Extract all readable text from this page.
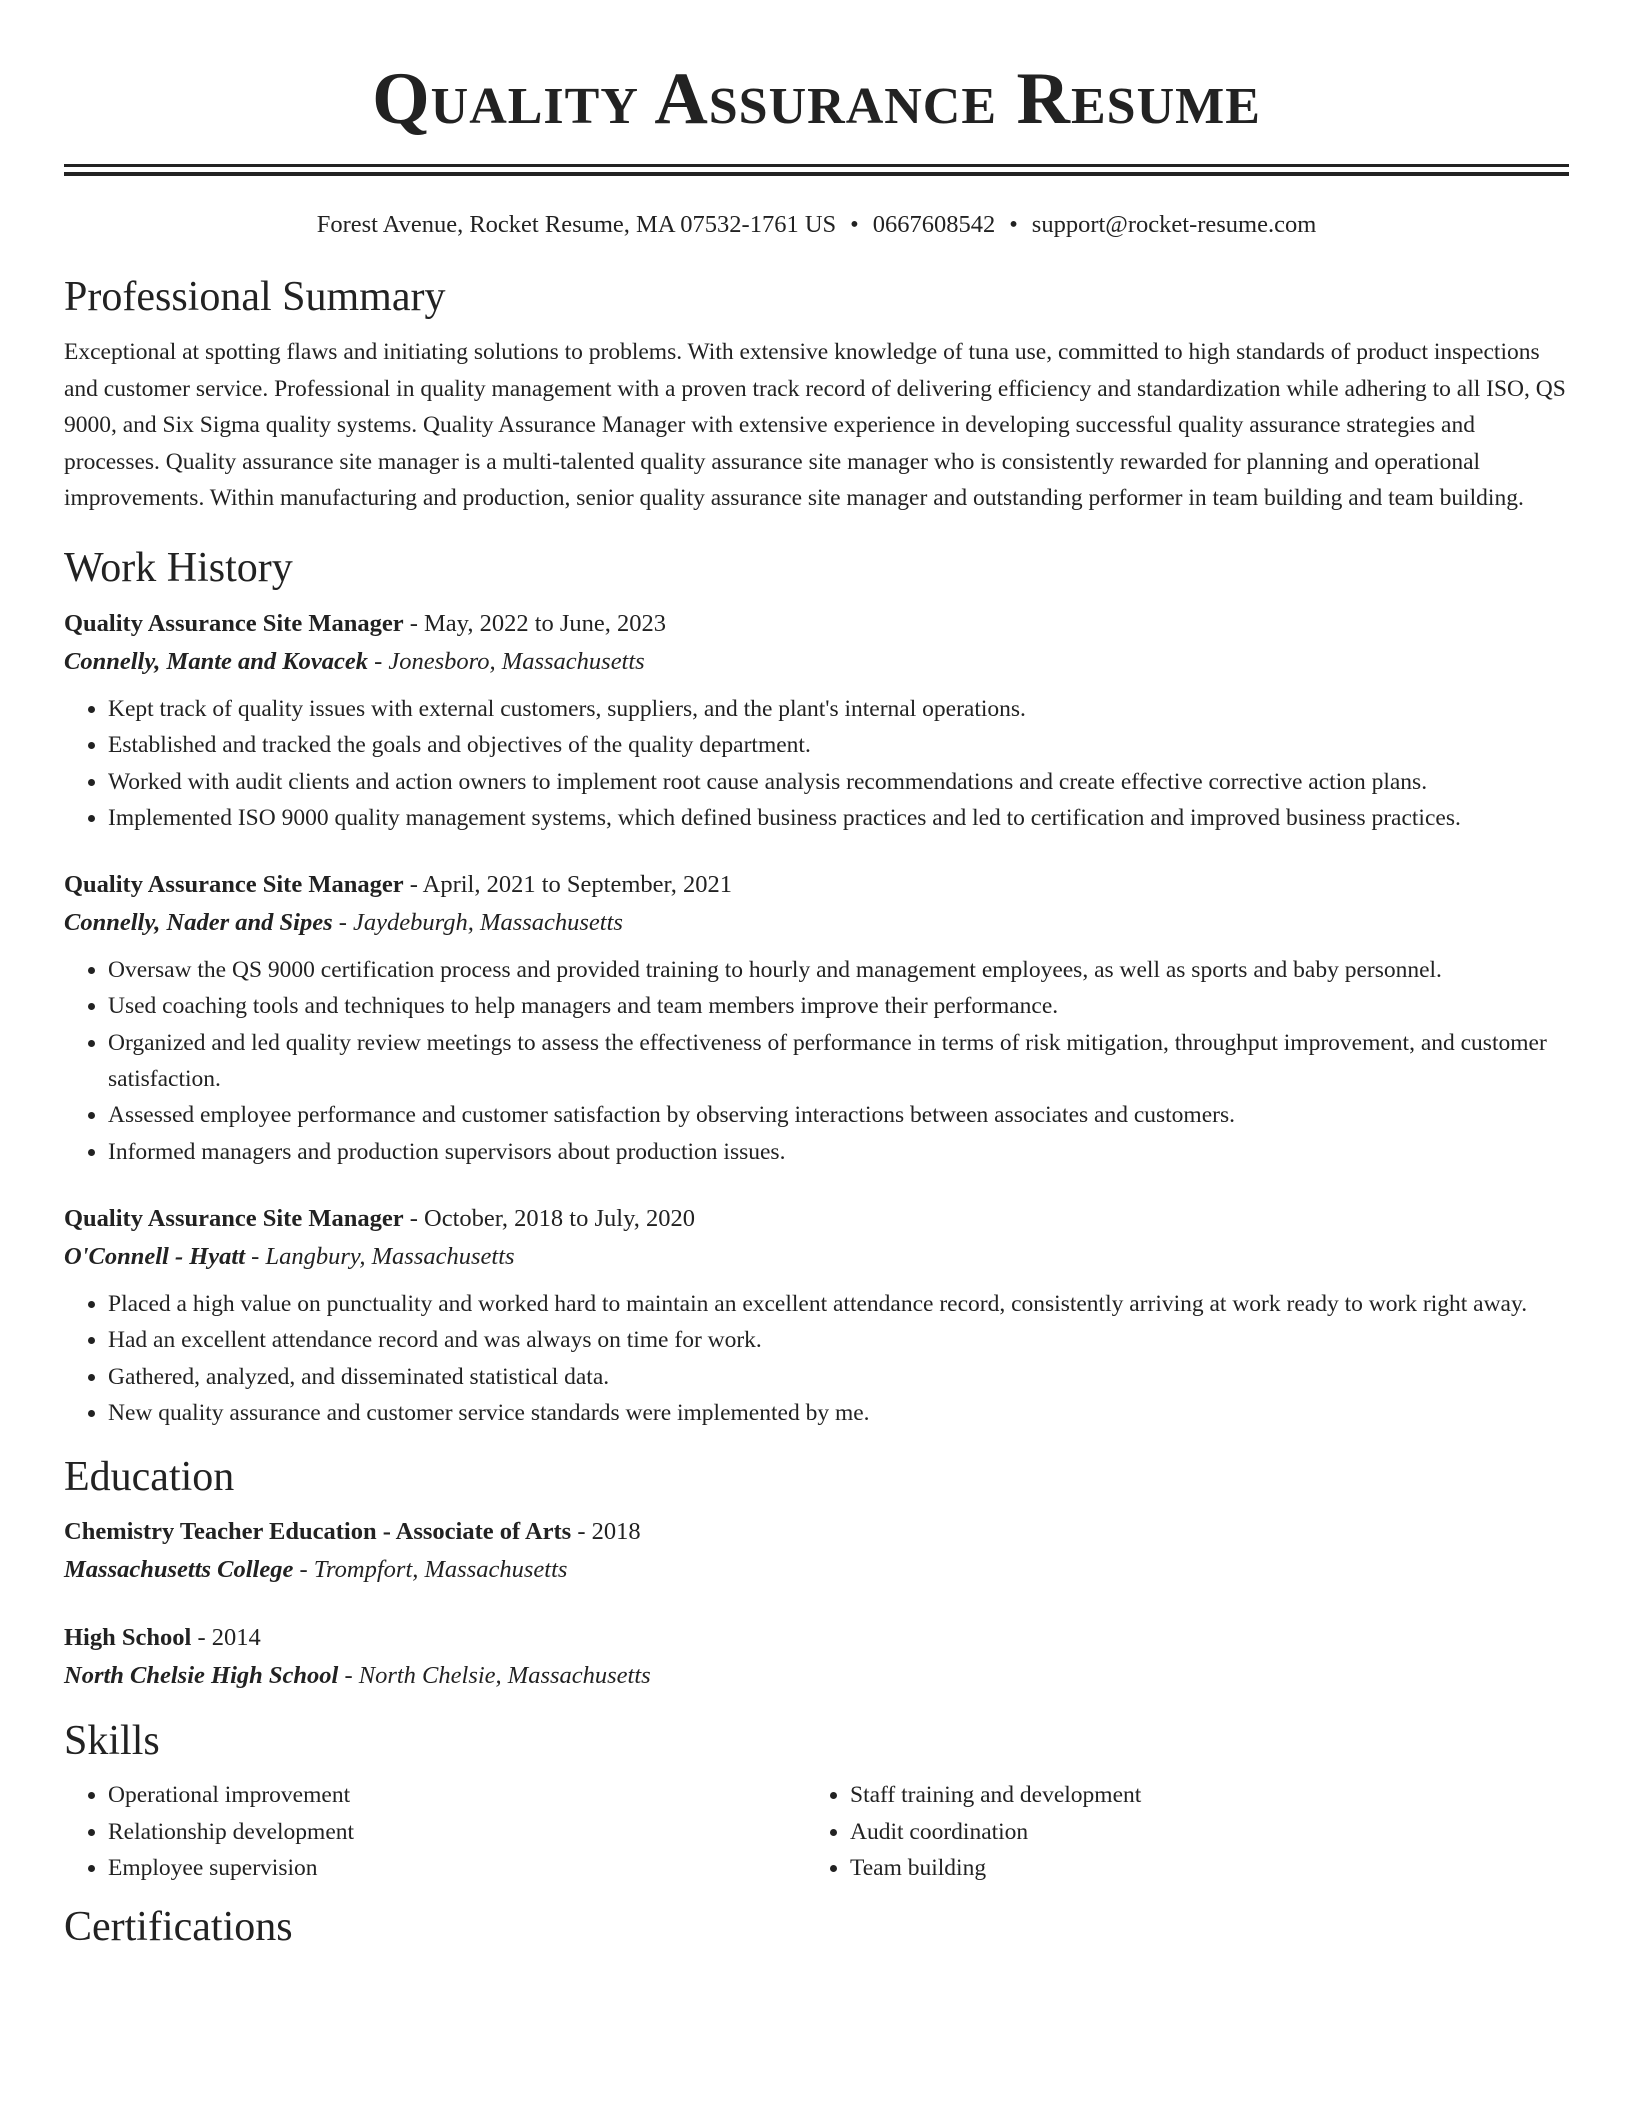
Quality Assurance Resume
Forest Avenue, Rocket Resume, MA 07532-1761 US • 0667608542 • support@rocket-resume.com
Professional Summary
Exceptional at spotting flaws and initiating solutions to problems. With extensive knowledge of tuna use, committed to high standards of product inspections and customer service. Professional in quality management with a proven track record of delivering efficiency and standardization while adhering to all ISO, QS 9000, and Six Sigma quality systems. Quality Assurance Manager with extensive experience in developing successful quality assurance strategies and processes. Quality assurance site manager is a multi-talented quality assurance site manager who is consistently rewarded for planning and operational improvements. Within manufacturing and production, senior quality assurance site manager and outstanding performer in team building and team building.
Work History
Quality Assurance Site Manager - May, 2022 to June, 2023
Connelly, Mante and Kovacek - Jonesboro, Massachusetts
• Kept track of quality issues with external customers, suppliers, and the plant's internal operations.
• Established and tracked the goals and objectives of the quality department.
• Worked with audit clients and action owners to implement root cause analysis recommendations and create effective corrective action plans.
• Implemented ISO 9000 quality management systems, which defined business practices and led to certification and improved business practices.
Quality Assurance Site Manager - April, 2021 to September, 2021
Connelly, Nader and Sipes - Jaydeburgh, Massachusetts
• Oversaw the QS 9000 certification process and provided training to hourly and management employees, as well as sports and baby personnel.
• Used coaching tools and techniques to help managers and team members improve their performance.
• Organized and led quality review meetings to assess the effectiveness of performance in terms of risk mitigation, throughput improvement, and customer satisfaction.
• Assessed employee performance and customer satisfaction by observing interactions between associates and customers.
• Informed managers and production supervisors about production issues.
Quality Assurance Site Manager - October, 2018 to July, 2020
O'Connell - Hyatt - Langbury, Massachusetts
• Placed a high value on punctuality and worked hard to maintain an excellent attendance record, consistently arriving at work ready to work right away.
• Had an excellent attendance record and was always on time for work.
• Gathered, analyzed, and disseminated statistical data.
• New quality assurance and customer service standards were implemented by me.
Education
Chemistry Teacher Education - Associate of Arts - 2018
Massachusetts College - Trompfort, Massachusetts
High School - 2014
North Chelsie High School - North Chelsie, Massachusetts
Skills
• Operational improvement
• Relationship development
• Employee supervision
• Staff training and development
• Audit coordination
• Team building
Certifications
